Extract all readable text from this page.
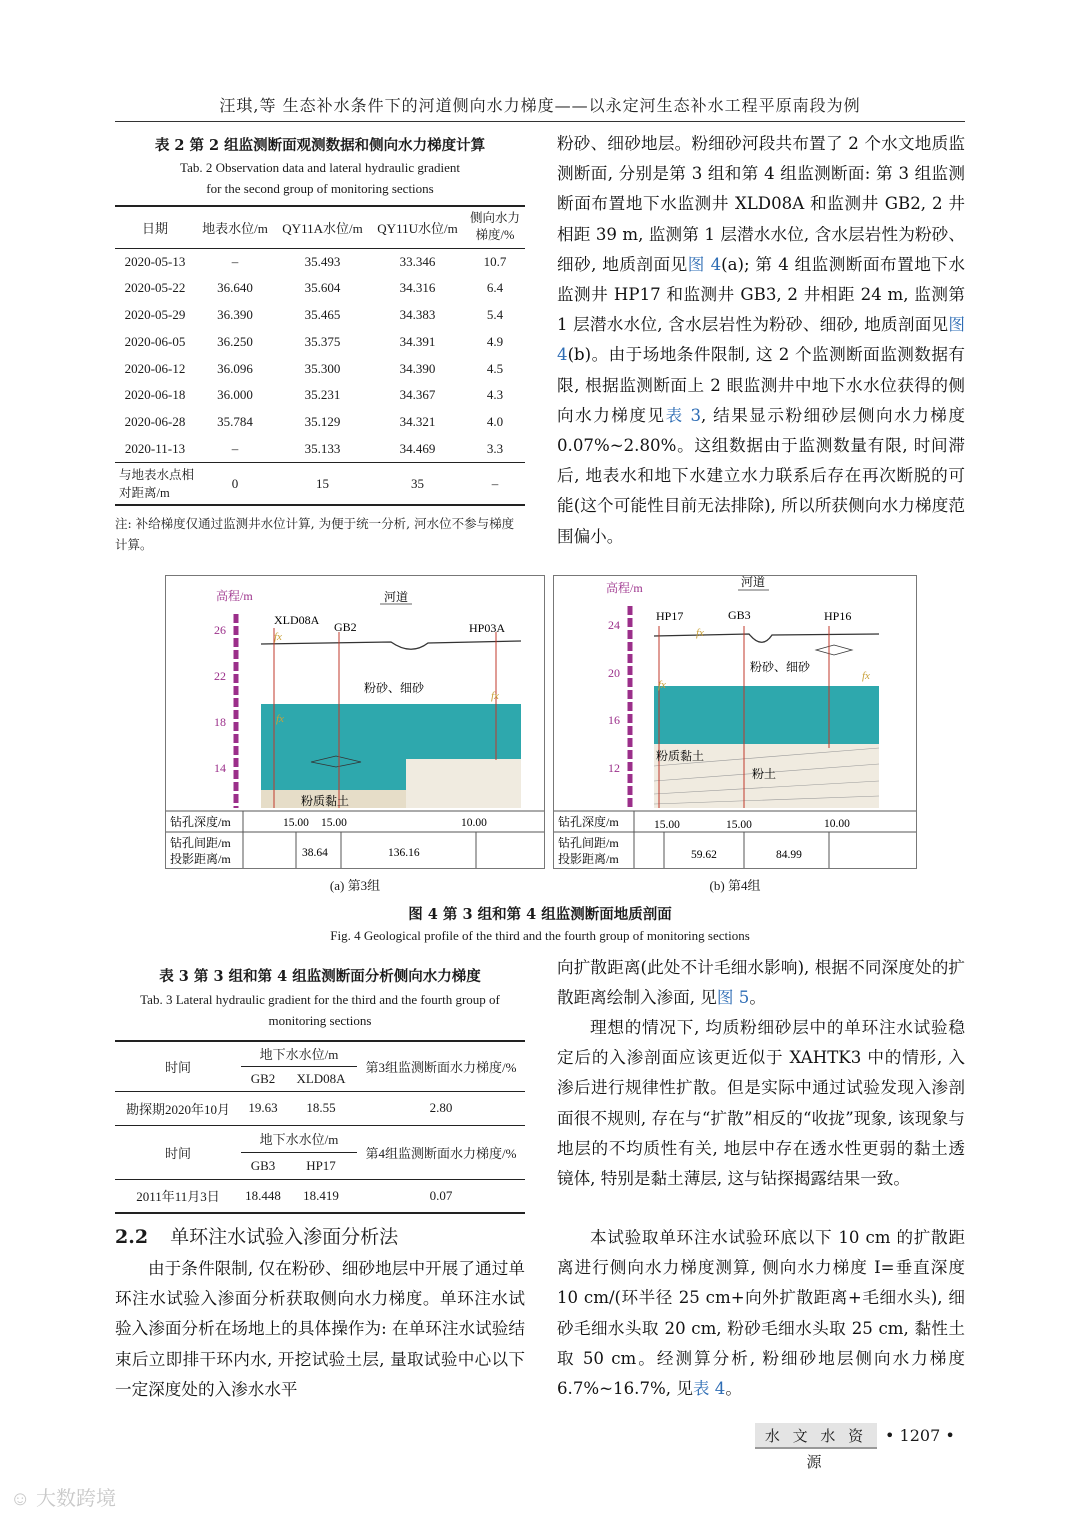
汪琪,等 生态补水条件下的河道侧向水力梯度——以永定河生态补水工程平原南段为例
表 2 第 2 组监测断面观测数据和侧向水力梯度计算
Tab. 2 Observation data and lateral hydraulic gradient
for the second group of monitoring sections
日期	地表水位/m	QY11A水位/m	QY11U水位/m	侧向水力梯度/%
2020-05-13	–	35.493	33.346	10.7
2020-05-22	36.640	35.604	34.316	6.4
2020-05-29	36.390	35.465	34.383	5.4
2020-06-05	36.250	35.375	34.391	4.9
2020-06-12	36.096	35.300	34.390	4.5
2020-06-18	36.000	35.231	34.367	4.3
2020-06-28	35.784	35.129	34.321	4.0
2020-11-13	–	35.133	34.469	3.3
与地表水点相对距离/m	0	15	35	–
注: 补给梯度仅通过监测井水位计算, 为便于统一分析, 河水位不参与梯度计算。
粉砂、细砂地层。粉细砂河段共布置了 2 个水文地质监测断面, 分别是第 3 组和第 4 组监测断面: 第 3 组监测断面布置地下水监测井 XLD08A 和监测井 GB2, 2 井相距 39 m, 监测第 1 层潜水水位, 含水层岩性为粉砂、细砂, 地质剖面见图 4(a); 第 4 组监测断面布置地下水监测井 HP17 和监测井 GB3, 2 井相距 24 m, 监测第 1 层潜水水位, 含水层岩性为粉砂、细砂, 地质剖面见图 4(b)。由于场地条件限制, 这 2 个监测断面监测数据有限, 根据监测断面上 2 眼监测井中地下水水位获得的侧向水力梯度见表 3, 结果显示粉细砂层侧向水力梯度 0.07%~2.80%。这组数据由于监测数量有限, 时间滞后, 地表水和地下水建立水力联系后存在再次断脱的可能(这个可能性目前无法排除), 所以所获侧向水力梯度范围偏小。
高程/m
26
22
18
14
XLD08A GB2	HP03A
河道
粉砂、细砂
粉质黏土
fx
fx
fx
钻孔深度/m	15.00 15.00	10.00
钻孔间距/m
投影距离/m	38.64	136.16
(a) 第3组
高程/m
24
20
16
12
HP17	GB3	HP16
河道
粉砂、细砂
粉质黏土
粉土
fx
fx
fx
钻孔深度/m	15.00	15.00	10.00
钻孔间距/m
投影距离/m	59.62	84.99
(b) 第4组
图 4 第 3 组和第 4 组监测断面地质剖面
Fig. 4 Geological profile of the third and the fourth group of monitoring sections
表 3 第 3 组和第 4 组监测断面分析侧向水力梯度
Tab. 3 Lateral hydraulic gradient for the third and the fourth group of
monitoring sections
时间	地下水水位/m		第3组监测断面水力梯度/%
	GB2	XLD08A	
勘探期2020年10月	19.63	18.55	2.80
时间	地下水水位/m		第4组监测断面水力梯度/%
	GB3	HP17	
2011年11月3日	18.448	18.419	0.07
2.2 单环注水试验入渗面分析法
由于条件限制, 仅在粉砂、细砂地层中开展了通过单环注水试验入渗面分析获取侧向水力梯度。单环注水试验入渗面分析在场地上的具体操作为: 在单环注水试验结束后立即排干环内水, 开挖试验土层, 量取试验中心以下一定深度处的入渗水水平
向扩散距离(此处不计毛细水影响), 根据不同深度处的扩散距离绘制入渗面, 见图 5。
理想的情况下, 均质粉细砂层中的单环注水试验稳定后的入渗剖面应该更近似于 XAHTK3 中的情形, 入渗后进行规律性扩散。但是实际中通过试验发现入渗剖面很不规则, 存在与“扩散”相反的“收拢”现象, 该现象与地层的不均质性有关, 地层中存在透水性更弱的黏土透镜体, 特别是黏土薄层, 这与钻探揭露结果一致。
本试验取单环注水试验环底以下 10 cm 的扩散距离进行侧向水力梯度测算, 侧向水力梯度 I=垂直深度 10 cm/(环半径 25 cm+向外扩散距离+毛细水头), 细砂毛细水头取 20 cm, 粉砂毛细水头取 25 cm, 黏性土取 50 cm。经测算分析, 粉细砂地层侧向水力梯度 6.7%~16.7%, 见表 4。
水 文 水 资 源
• 1207 •
☺ 大数跨境
